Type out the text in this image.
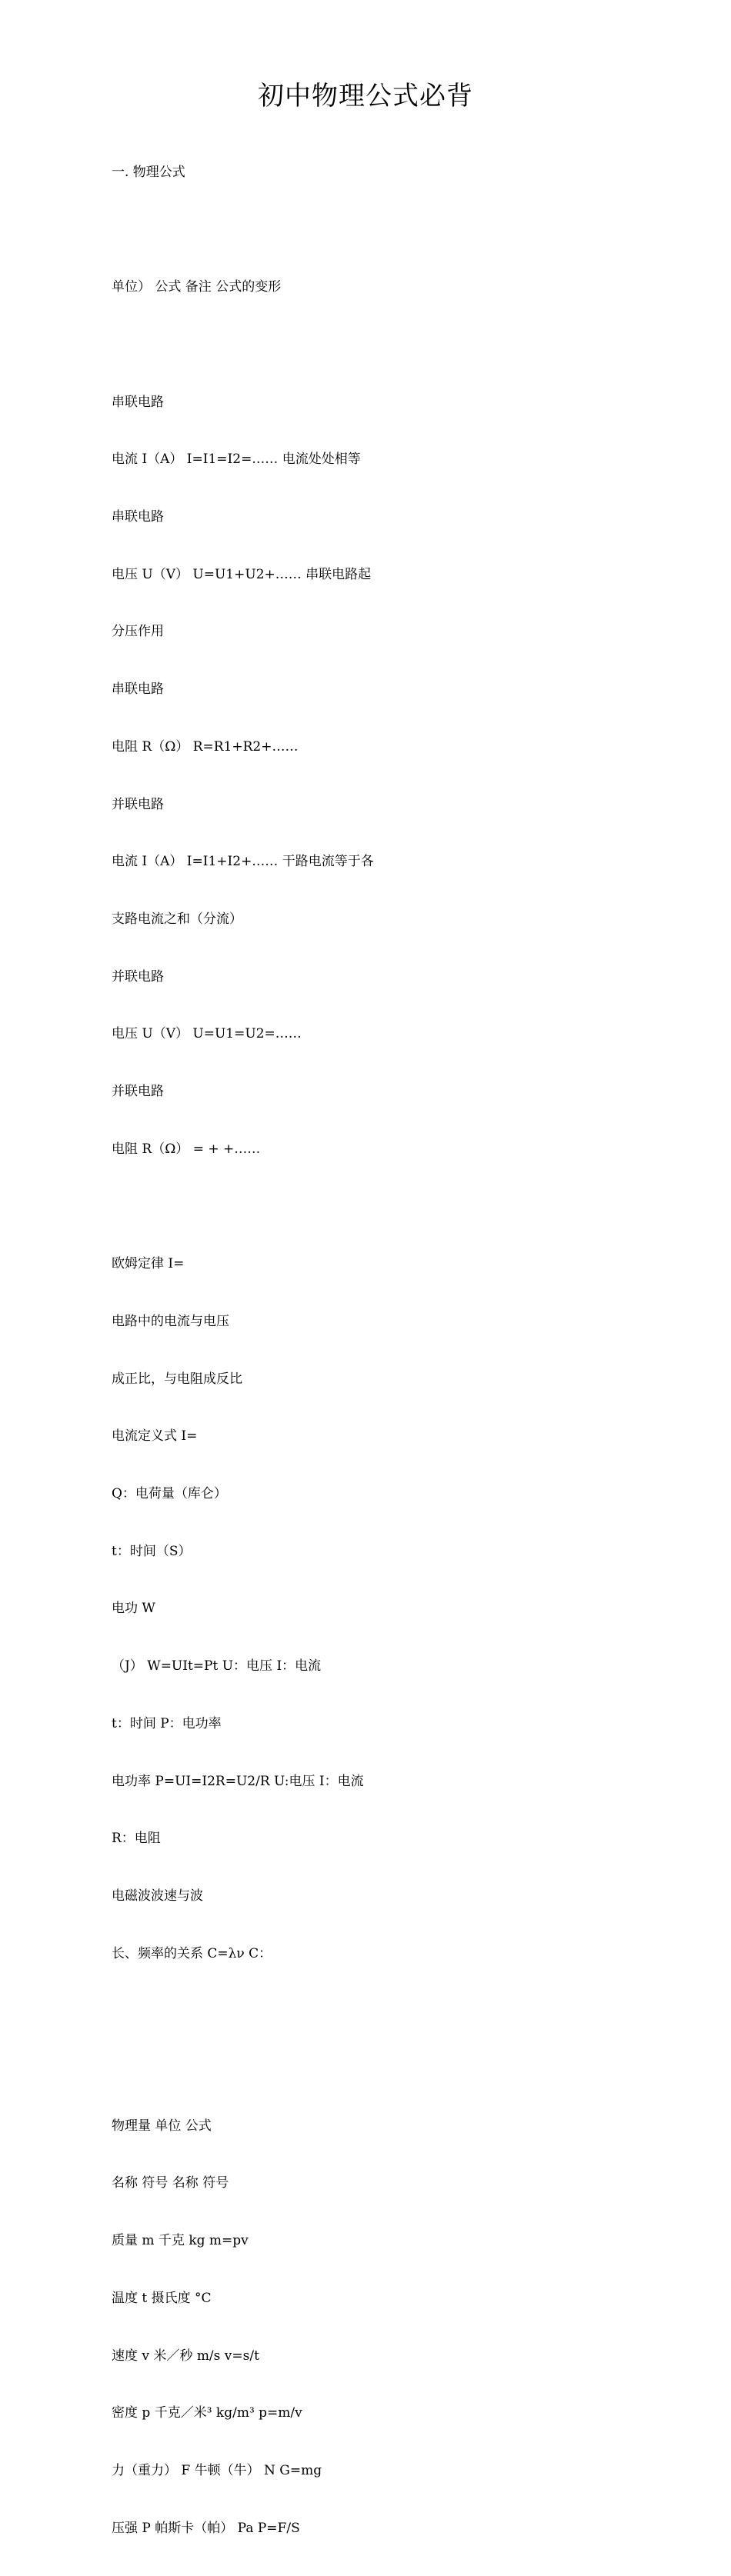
初中物理公式必背

一. 物理公式

单位） 公式 备注 公式的变形

串联电路

电流 I（A） I=I1=I2=…… 电流处处相等

串联电路

电压 U（V） U=U1+U2+…… 串联电路起

分压作用

串联电路

电阻 R（Ω） R=R1+R2+……

并联电路

电流 I（A） I=I1+I2+…… 干路电流等于各

支路电流之和（分流）

并联电路

电压 U（V） U=U1=U2=……

并联电路

电阻 R（Ω） = + +……

欧姆定律 I=

电路中的电流与电压

成正比，与电阻成反比

电流定义式 I=

Q：电荷量（库仑）

t：时间（S）

电功 W

（J） W=UIt=Pt U：电压 I：电流

t：时间 P：电功率

电功率 P=UI=I2R=U2/R U:电压 I：电流

R：电阻

电磁波波速与波

长、频率的关系 C=λν C：

物理量 单位 公式

名称 符号 名称 符号

质量 m 千克 kg m=pv

温度 t 摄氏度 °C

速度 v 米／秒 m/s v=s/t

密度 p 千克／米³ kg/m³ p=m/v

力（重力） F 牛顿（牛） N G=mg

压强 P 帕斯卡（帕） Pa P=F/S
